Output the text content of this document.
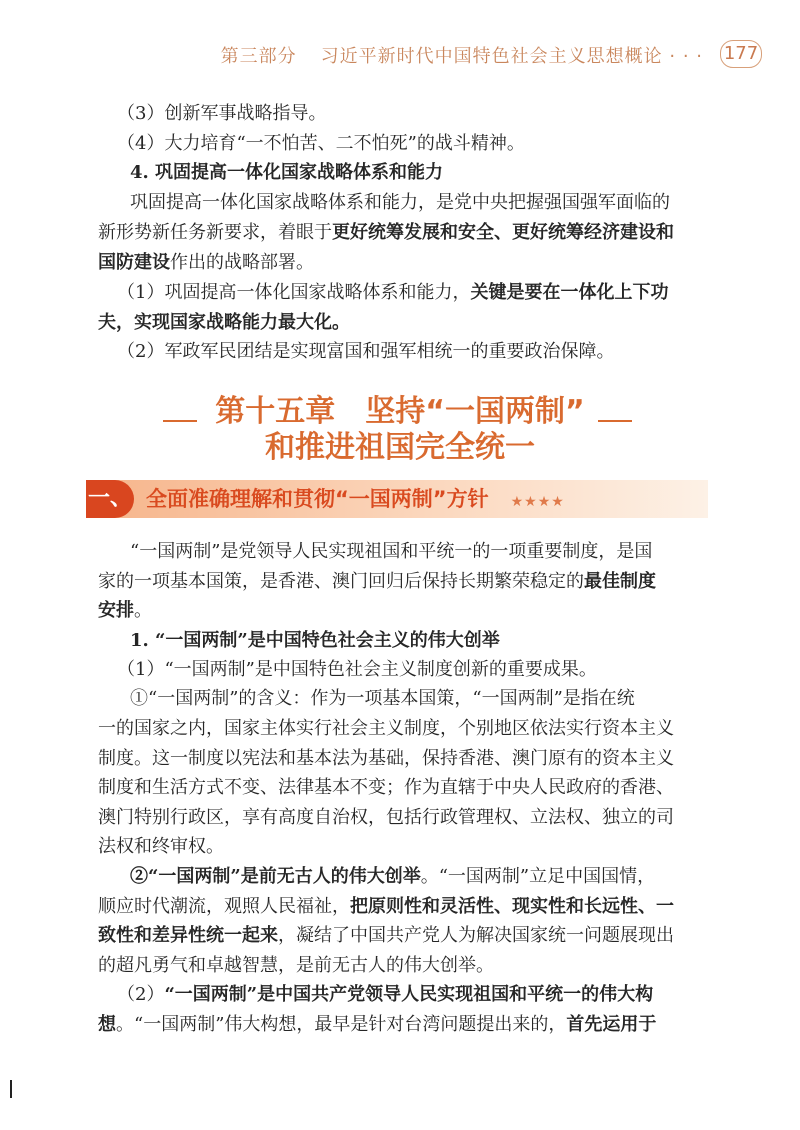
第三部分 习近平新时代中国特色社会主义思想概论 · · · 177
（3）创新军事战略指导。
（4）大力培育“一不怕苦、二不怕死”的战斗精神。
4. 巩固提高一体化国家战略体系和能力
巩固提高一体化国家战略体系和能力，是党中央把握强国强军面临的
新形势新任务新要求，着眼于更好统筹发展和安全、更好统筹经济建设和
国防建设作出的战略部署。
（1）巩固提高一体化国家战略体系和能力，关键是要在一体化上下功
夫，实现国家战略能力最大化。
（2）军政军民团结是实现富国和强军相统一的重要政治保障。
第十五章　坚持“一国两制”
和推进祖国完全统一
一、 全面准确理解和贯彻“一国两制”方针 ★★★★
“一国两制”是党领导人民实现祖国和平统一的一项重要制度，是国
家的一项基本国策，是香港、澳门回归后保持长期繁荣稳定的最佳制度
安排。
1. “一国两制”是中国特色社会主义的伟大创举
（1）“一国两制”是中国特色社会主义制度创新的重要成果。
①“一国两制”的含义：作为一项基本国策，“一国两制”是指在统
一的国家之内，国家主体实行社会主义制度，个别地区依法实行资本主义
制度。这一制度以宪法和基本法为基础，保持香港、澳门原有的资本主义
制度和生活方式不变、法律基本不变；作为直辖于中央人民政府的香港、
澳门特别行政区，享有高度自治权，包括行政管理权、立法权、独立的司
法权和终审权。
②“一国两制”是前无古人的伟大创举。“一国两制”立足中国国情，
顺应时代潮流，观照人民福祉，把原则性和灵活性、现实性和长远性、一
致性和差异性统一起来，凝结了中国共产党人为解决国家统一问题展现出
的超凡勇气和卓越智慧，是前无古人的伟大创举。
（2）“一国两制”是中国共产党领导人民实现祖国和平统一的伟大构
想。“一国两制”伟大构想，最早是针对台湾问题提出来的，首先运用于
